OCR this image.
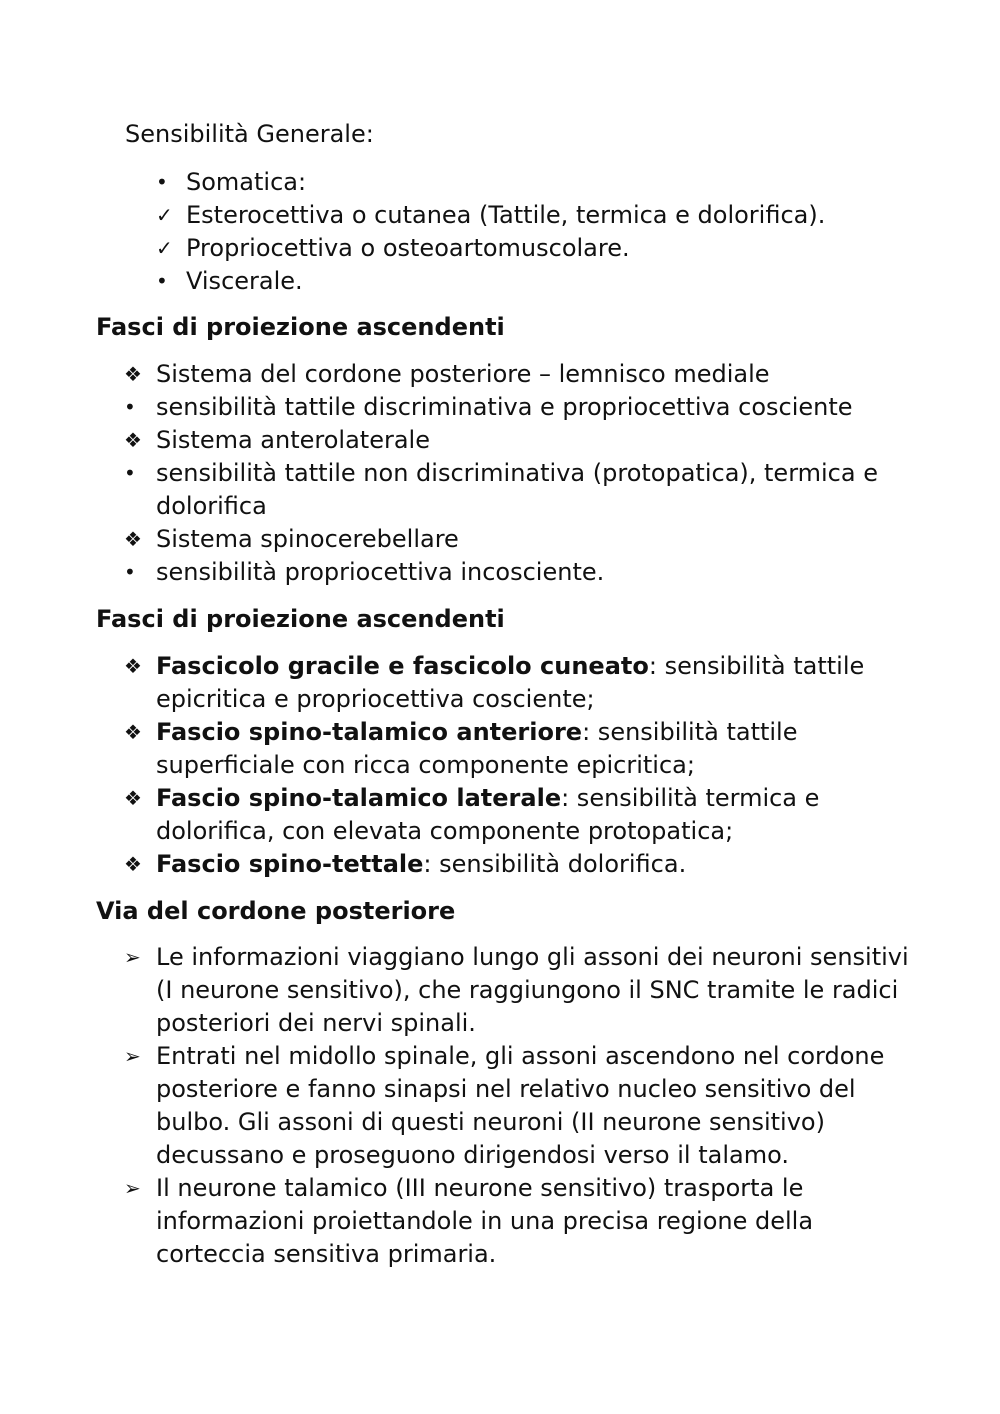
Sensibilità Generale:

• Somatica:
✓ Esterocettiva o cutanea (Tattile, termica e dolorifica).
✓ Propriocettiva o osteoartomuscolare.
• Viscerale.
Fasci di proiezione ascendenti
❖ Sistema del cordone posteriore – lemnisco mediale
• sensibilità tattile discriminativa e propriocettiva cosciente
❖ Sistema anterolaterale
• sensibilità tattile non discriminativa (protopatica), termica e dolorifica
❖ Sistema spinocerebellare
• sensibilità propriocettiva incosciente.
Fasci di proiezione ascendenti
❖ Fascicolo gracile e fascicolo cuneato: sensibilità tattile epicritica e propriocettiva cosciente;
❖ Fascio spino-talamico anteriore: sensibilità tattile superficiale con ricca componente epicritica;
❖ Fascio spino-talamico laterale: sensibilità termica e dolorifica, con elevata componente protopatica;
❖ Fascio spino-tettale: sensibilità dolorifica.
Via del cordone posteriore
➢ Le informazioni viaggiano lungo gli assoni dei neuroni sensitivi (I neurone sensitivo), che raggiungono il SNC tramite le radici posteriori dei nervi spinali.
➢ Entrati nel midollo spinale, gli assoni ascendono nel cordone posteriore e fanno sinapsi nel relativo nucleo sensitivo del bulbo. Gli assoni di questi neuroni (II neurone sensitivo) decussano e proseguono dirigendosi verso il talamo.
➢ Il neurone talamico (III neurone sensitivo) trasporta le informazioni proiettandole in una precisa regione della corteccia sensitiva primaria.
